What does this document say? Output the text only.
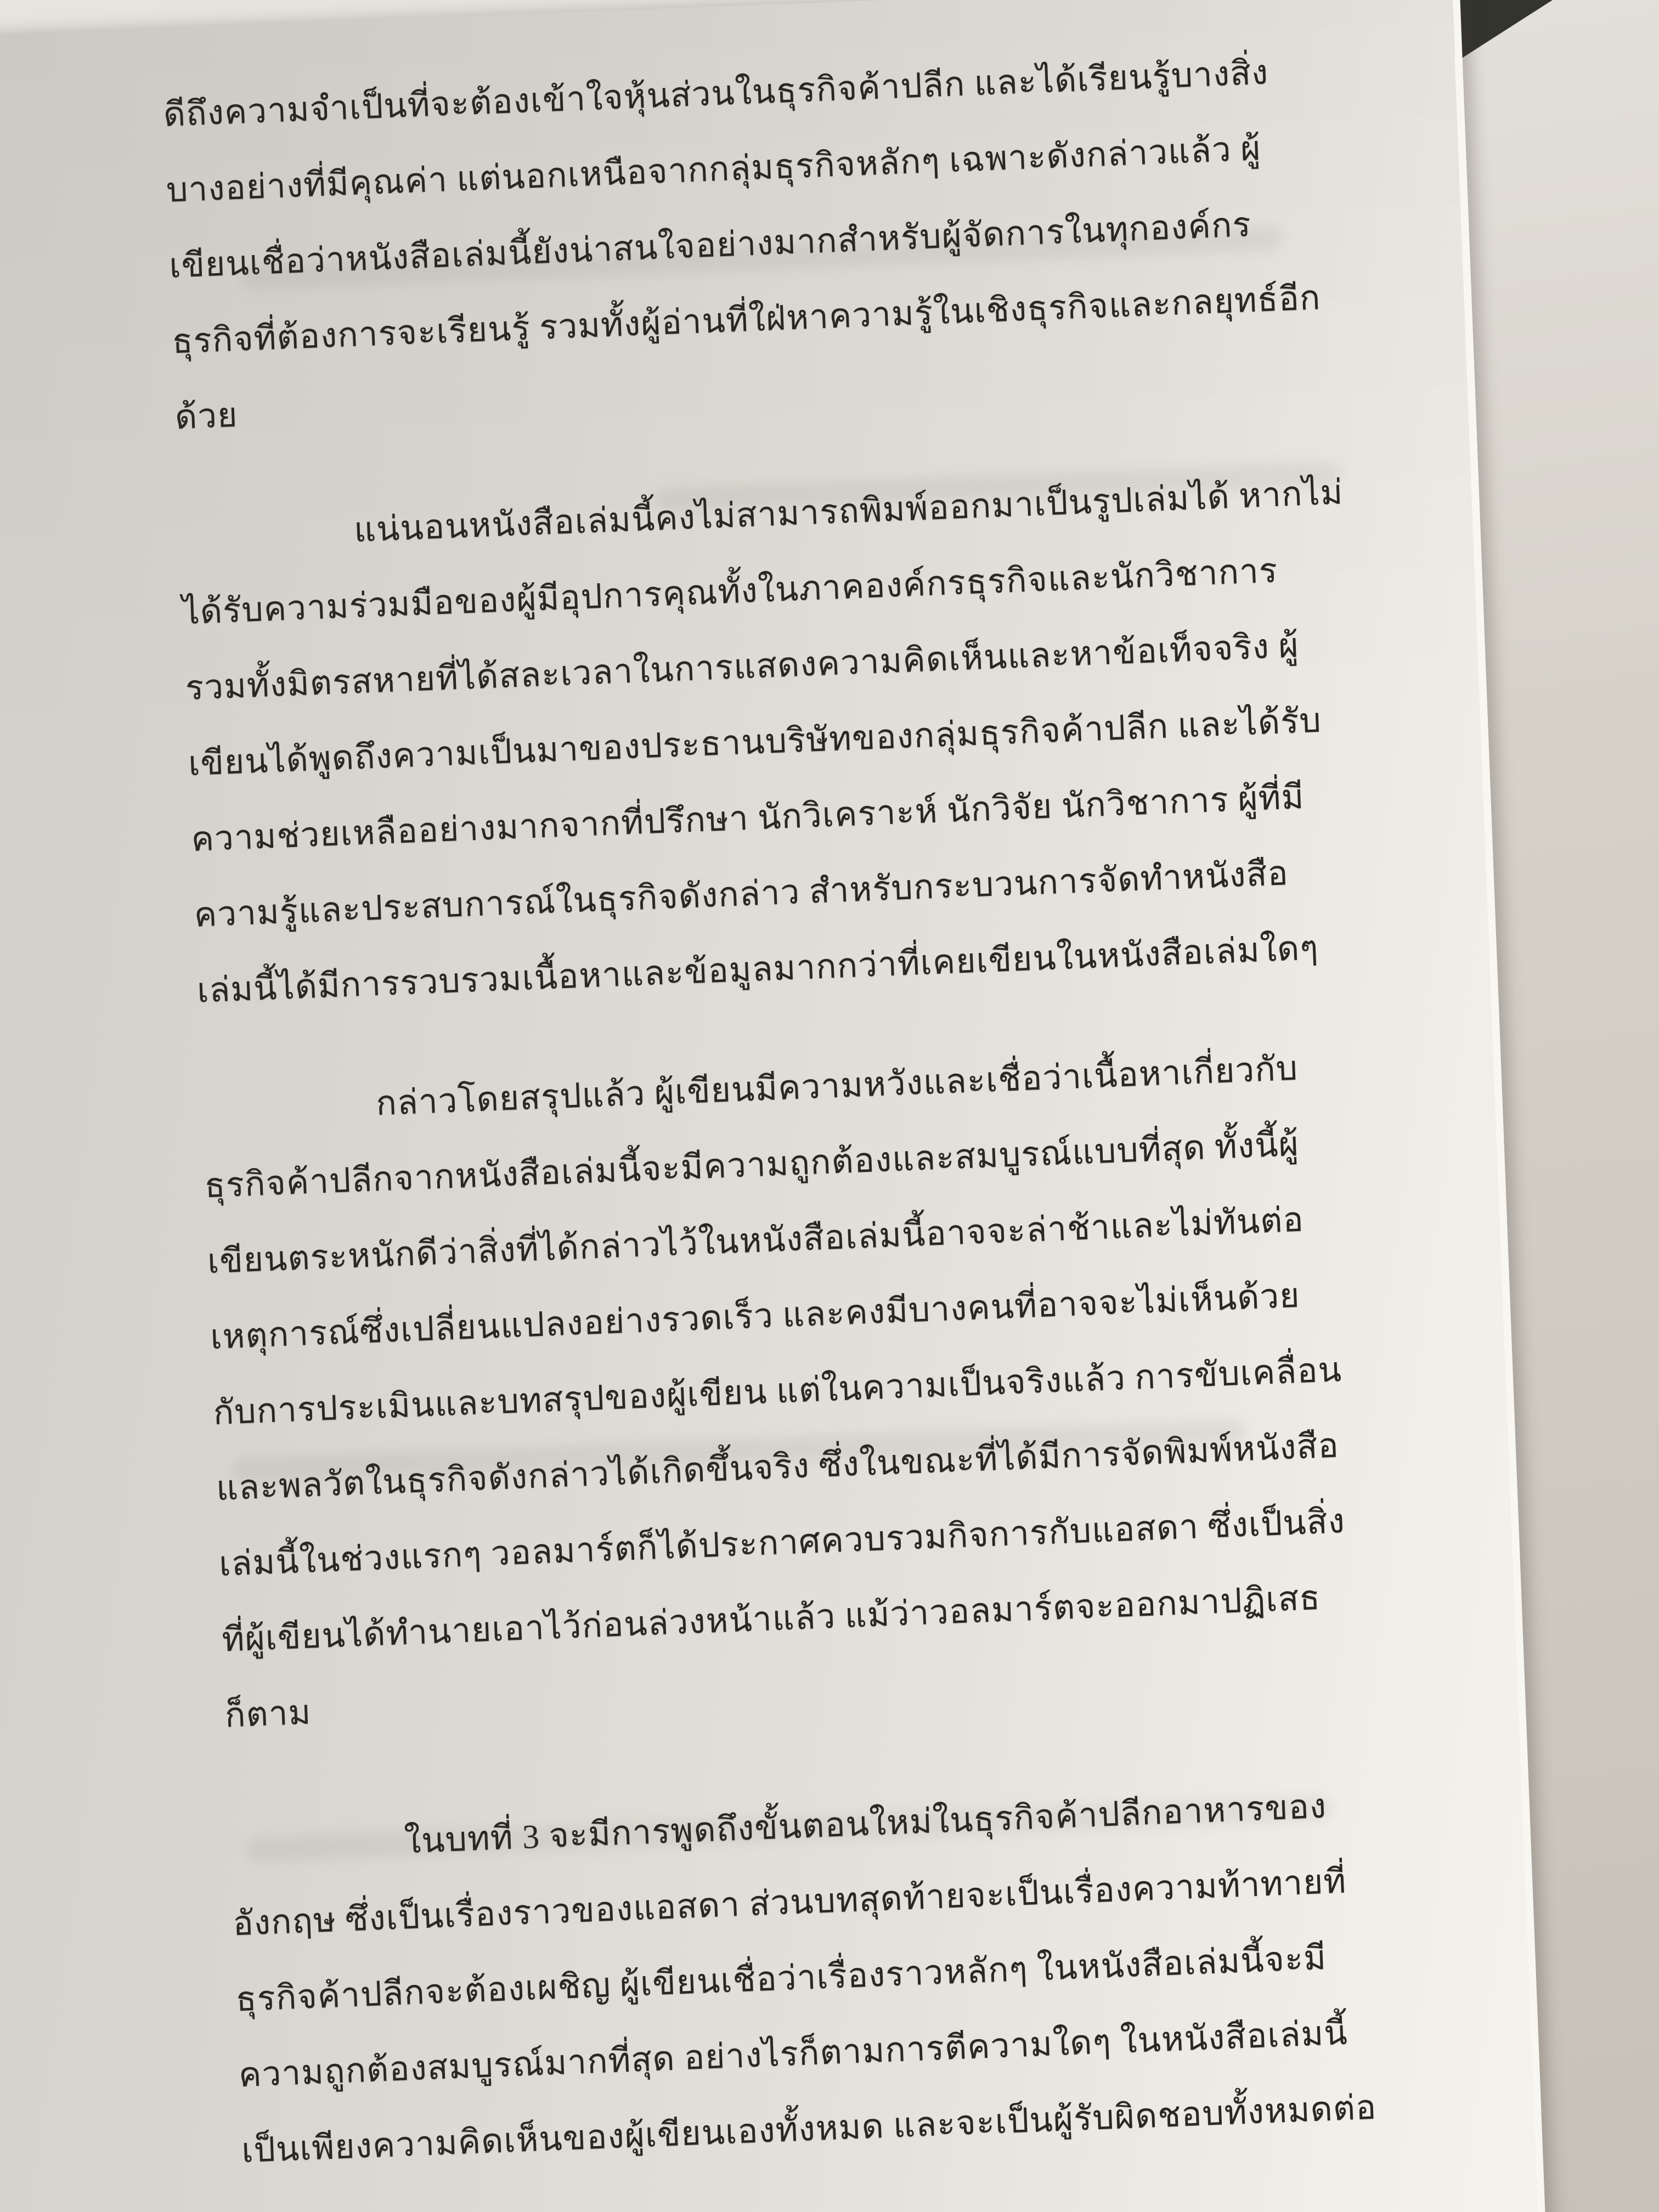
ดีถึงความจำเป็นที่จะต้องเข้าใจหุ้นส่วนในธุรกิจค้าปลีก และได้เรียนรู้บางสิ่ง
บางอย่างที่มีคุณค่า แต่นอกเหนือจากกลุ่มธุรกิจหลักๆ เฉพาะดังกล่าวแล้ว ผู้
เขียนเชื่อว่าหนังสือเล่มนี้ยังน่าสนใจอย่างมากสำหรับผู้จัดการในทุกองค์กร
ธุรกิจที่ต้องการจะเรียนรู้ รวมทั้งผู้อ่านที่ใฝ่หาความรู้ในเชิงธุรกิจและกลยุทธ์อีก
ด้วย
แน่นอนหนังสือเล่มนี้คงไม่สามารถพิมพ์ออกมาเป็นรูปเล่มได้ หากไม่
ได้รับความร่วมมือของผู้มีอุปการคุณทั้งในภาคองค์กรธุรกิจและนักวิชาการ
รวมทั้งมิตรสหายที่ได้สละเวลาในการแสดงความคิดเห็นและหาข้อเท็จจริง ผู้
เขียนได้พูดถึงความเป็นมาของประธานบริษัทของกลุ่มธุรกิจค้าปลีก และได้รับ
ความช่วยเหลืออย่างมากจากที่ปรึกษา นักวิเคราะห์ นักวิจัย นักวิชาการ ผู้ที่มี
ความรู้และประสบการณ์ในธุรกิจดังกล่าว สำหรับกระบวนการจัดทำหนังสือ
เล่มนี้ได้มีการรวบรวมเนื้อหาและข้อมูลมากกว่าที่เคยเขียนในหนังสือเล่มใดๆ
กล่าวโดยสรุปแล้ว ผู้เขียนมีความหวังและเชื่อว่าเนื้อหาเกี่ยวกับ
ธุรกิจค้าปลีกจากหนังสือเล่มนี้จะมีความถูกต้องและสมบูรณ์แบบที่สุด ทั้งนี้ผู้
เขียนตระหนักดีว่าสิ่งที่ได้กล่าวไว้ในหนังสือเล่มนี้อาจจะล่าช้าและไม่ทันต่อ
เหตุการณ์ซึ่งเปลี่ยนแปลงอย่างรวดเร็ว และคงมีบางคนที่อาจจะไม่เห็นด้วย
กับการประเมินและบทสรุปของผู้เขียน แต่ในความเป็นจริงแล้ว การขับเคลื่อน
และพลวัตในธุรกิจดังกล่าวได้เกิดขึ้นจริง ซึ่งในขณะที่ได้มีการจัดพิมพ์หนังสือ
เล่มนี้ในช่วงแรกๆ วอลมาร์ตก็ได้ประกาศควบรวมกิจการกับแอสดา ซึ่งเป็นสิ่ง
ที่ผู้เขียนได้ทำนายเอาไว้ก่อนล่วงหน้าแล้ว แม้ว่าวอลมาร์ตจะออกมาปฏิเสธ
ก็ตาม
ในบทที่ 3 จะมีการพูดถึงขั้นตอนใหม่ในธุรกิจค้าปลีกอาหารของ
อังกฤษ ซึ่งเป็นเรื่องราวของแอสดา ส่วนบทสุดท้ายจะเป็นเรื่องความท้าทายที่
ธุรกิจค้าปลีกจะต้องเผชิญ ผู้เขียนเชื่อว่าเรื่องราวหลักๆ ในหนังสือเล่มนี้จะมี
ความถูกต้องสมบูรณ์มากที่สุด อย่างไรก็ตามการตีความใดๆ ในหนังสือเล่มนี้
เป็นเพียงความคิดเห็นของผู้เขียนเองทั้งหมด และจะเป็นผู้รับผิดชอบทั้งหมดต่อ
